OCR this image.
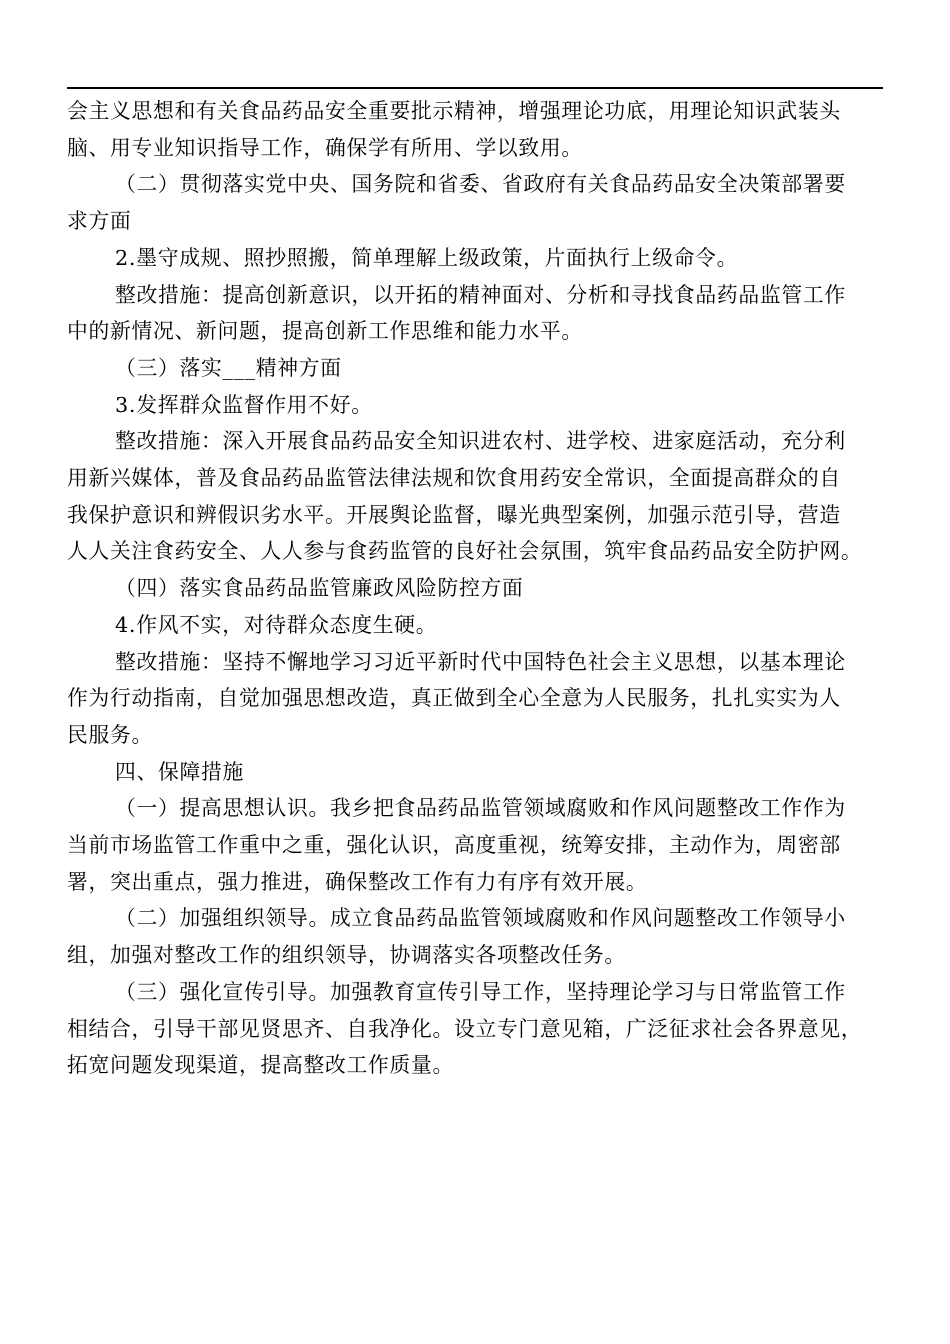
会主义思想和有关食品药品安全重要批示精神，增强理论功底，用理论知识武装头
脑、用专业知识指导工作，确保学有所用、学以致用。
（二）贯彻落实党中央、国务院和省委、省政府有关食品药品安全决策部署要
求方面
2.墨守成规、照抄照搬，简单理解上级政策，片面执行上级命令。
整改措施：提高创新意识，以开拓的精神面对、分析和寻找食品药品监管工作
中的新情况、新问题，提高创新工作思维和能力水平。
（三）落实___精神方面
3.发挥群众监督作用不好。
整改措施：深入开展食品药品安全知识进农村、进学校、进家庭活动，充分利
用新兴媒体，普及食品药品监管法律法规和饮食用药安全常识，全面提高群众的自
我保护意识和辨假识劣水平。开展舆论监督，曝光典型案例，加强示范引导，营造
人人关注食药安全、人人参与食药监管的良好社会氛围，筑牢食品药品安全防护网。
（四）落实食品药品监管廉政风险防控方面
4.作风不实，对待群众态度生硬。
整改措施：坚持不懈地学习习近平新时代中国特色社会主义思想，以基本理论
作为行动指南，自觉加强思想改造，真正做到全心全意为人民服务，扎扎实实为人
民服务。
四、保障措施
（一）提高思想认识。我乡把食品药品监管领域腐败和作风问题整改工作作为
当前市场监管工作重中之重，强化认识，高度重视，统筹安排，主动作为，周密部
署，突出重点，强力推进，确保整改工作有力有序有效开展。
（二）加强组织领导。成立食品药品监管领域腐败和作风问题整改工作领导小
组，加强对整改工作的组织领导，协调落实各项整改任务。
（三）强化宣传引导。加强教育宣传引导工作，坚持理论学习与日常监管工作
相结合，引导干部见贤思齐、自我净化。设立专门意见箱，广泛征求社会各界意见，
拓宽问题发现渠道，提高整改工作质量。
